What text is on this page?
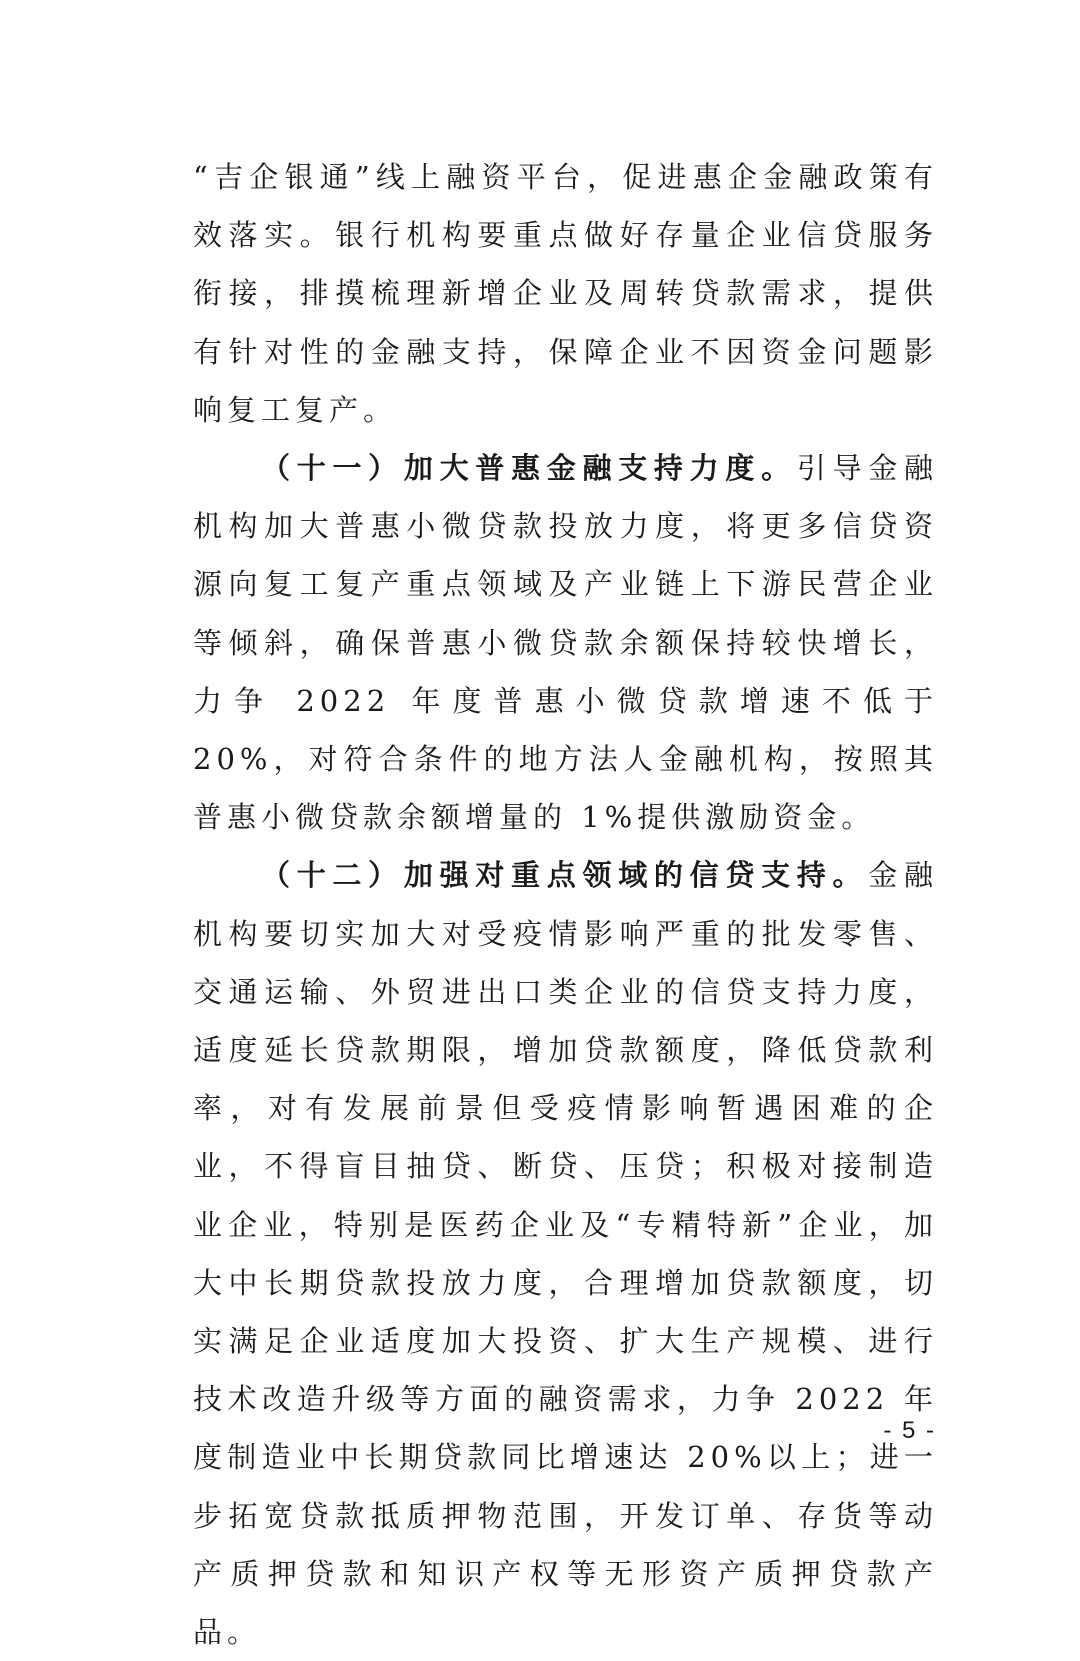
“吉企银通”线上融资平台，促进惠企金融政策有效落实。银行机构要重点做好存量企业信贷服务衔接，排摸梳理新增企业及周转贷款需求，提供有针对性的金融支持，保障企业不因资金问题影响复工复产。

（十一）加大普惠金融支持力度。引导金融机构加大普惠小微贷款投放力度，将更多信贷资源向复工复产重点领域及产业链上下游民营企业等倾斜，确保普惠小微贷款余额保持较快增长，力争 2022 年度普惠小微贷款增速不低于 20%，对符合条件的地方法人金融机构，按照其普惠小微贷款余额增量的 1%提供激励资金。

（十二）加强对重点领域的信贷支持。金融机构要切实加大对受疫情影响严重的批发零售、交通运输、外贸进出口类企业的信贷支持力度，适度延长贷款期限，增加贷款额度，降低贷款利率，对有发展前景但受疫情影响暂遇困难的企业，不得盲目抽贷、断贷、压贷；积极对接制造业企业，特别是医药企业及“专精特新”企业，加大中长期贷款投放力度，合理增加贷款额度，切实满足企业适度加大投资、扩大生产规模、进行技术改造升级等方面的融资需求，力争 2022 年度制造业中长期贷款同比增速达 20%以上；进一步拓宽贷款抵质押物范围，开发订单、存货等动产质押贷款和知识产权等无形资产质押贷款产品。

- 5 -
